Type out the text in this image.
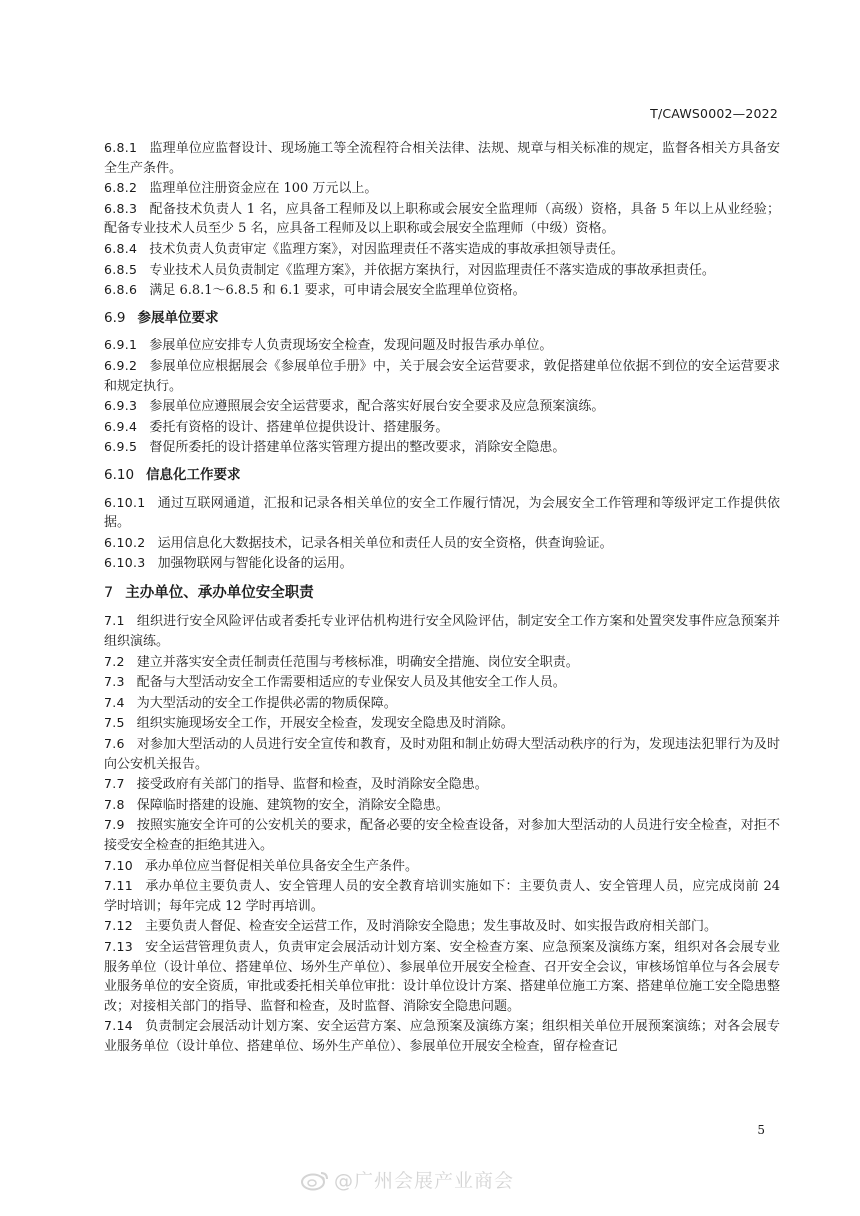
T/CAWS0002—2022

6.8.1 监理单位应监督设计、现场施工等全流程符合相关法律、法规、规章与相关标准的规定，监督各相关方具备安全生产条件。

6.8.2 监理单位注册资金应在 100 万元以上。

6.8.3 配备技术负责人 1 名，应具备工程师及以上职称或会展安全监理师（高级）资格，具备 5 年以上从业经验；配备专业技术人员至少 5 名，应具备工程师及以上职称或会展安全监理师（中级）资格。

6.8.4 技术负责人负责审定《监理方案》，对因监理责任不落实造成的事故承担领导责任。

6.8.5 专业技术人员负责制定《监理方案》，并依据方案执行，对因监理责任不落实造成的事故承担责任。

6.8.6 满足 6.8.1～6.8.5 和 6.1 要求，可申请会展安全监理单位资格。

6.9 参展单位要求

6.9.1 参展单位应安排专人负责现场安全检查，发现问题及时报告承办单位。

6.9.2 参展单位应根据展会《参展单位手册》中，关于展会安全运营要求，敦促搭建单位依据不到位的安全运营要求和规定执行。

6.9.3 参展单位应遵照展会安全运营要求，配合落实好展台安全要求及应急预案演练。

6.9.4 委托有资格的设计、搭建单位提供设计、搭建服务。

6.9.5 督促所委托的设计搭建单位落实管理方提出的整改要求，消除安全隐患。

6.10 信息化工作要求

6.10.1 通过互联网通道，汇报和记录各相关单位的安全工作履行情况，为会展安全工作管理和等级评定工作提供依据。

6.10.2 运用信息化大数据技术，记录各相关单位和责任人员的安全资格，供查询验证。

6.10.3 加强物联网与智能化设备的运用。

7 主办单位、承办单位安全职责

7.1 组织进行安全风险评估或者委托专业评估机构进行安全风险评估，制定安全工作方案和处置突发事件应急预案并组织演练。

7.2 建立并落实安全责任制责任范围与考核标准，明确安全措施、岗位安全职责。

7.3 配备与大型活动安全工作需要相适应的专业保安人员及其他安全工作人员。

7.4 为大型活动的安全工作提供必需的物质保障。

7.5 组织实施现场安全工作，开展安全检查，发现安全隐患及时消除。

7.6 对参加大型活动的人员进行安全宣传和教育，及时劝阻和制止妨碍大型活动秩序的行为，发现违法犯罪行为及时向公安机关报告。

7.7 接受政府有关部门的指导、监督和检查，及时消除安全隐患。

7.8 保障临时搭建的设施、建筑物的安全，消除安全隐患。

7.9 按照实施安全许可的公安机关的要求，配备必要的安全检查设备，对参加大型活动的人员进行安全检查，对拒不接受安全检查的拒绝其进入。

7.10 承办单位应当督促相关单位具备安全生产条件。

7.11 承办单位主要负责人、安全管理人员的安全教育培训实施如下：主要负责人、安全管理人员，应完成岗前 24 学时培训；每年完成 12 学时再培训。

7.12 主要负责人督促、检查安全运营工作，及时消除安全隐患；发生事故及时、如实报告政府相关部门。

7.13 安全运营管理负责人，负责审定会展活动计划方案、安全检查方案、应急预案及演练方案，组织对各会展专业服务单位（设计单位、搭建单位、场外生产单位）、参展单位开展安全检查、召开安全会议，审核场馆单位与各会展专业服务单位的安全资质，审批或委托相关单位审批：设计单位设计方案、搭建单位施工方案、搭建单位施工安全隐患整改；对接相关部门的指导、监督和检查，及时监督、消除安全隐患问题。

7.14 负责制定会展活动计划方案、安全运营方案、应急预案及演练方案；组织相关单位开展预案演练；对各会展专业服务单位（设计单位、搭建单位、场外生产单位）、参展单位开展安全检查，留存检查记

5
@广州会展产业商会
